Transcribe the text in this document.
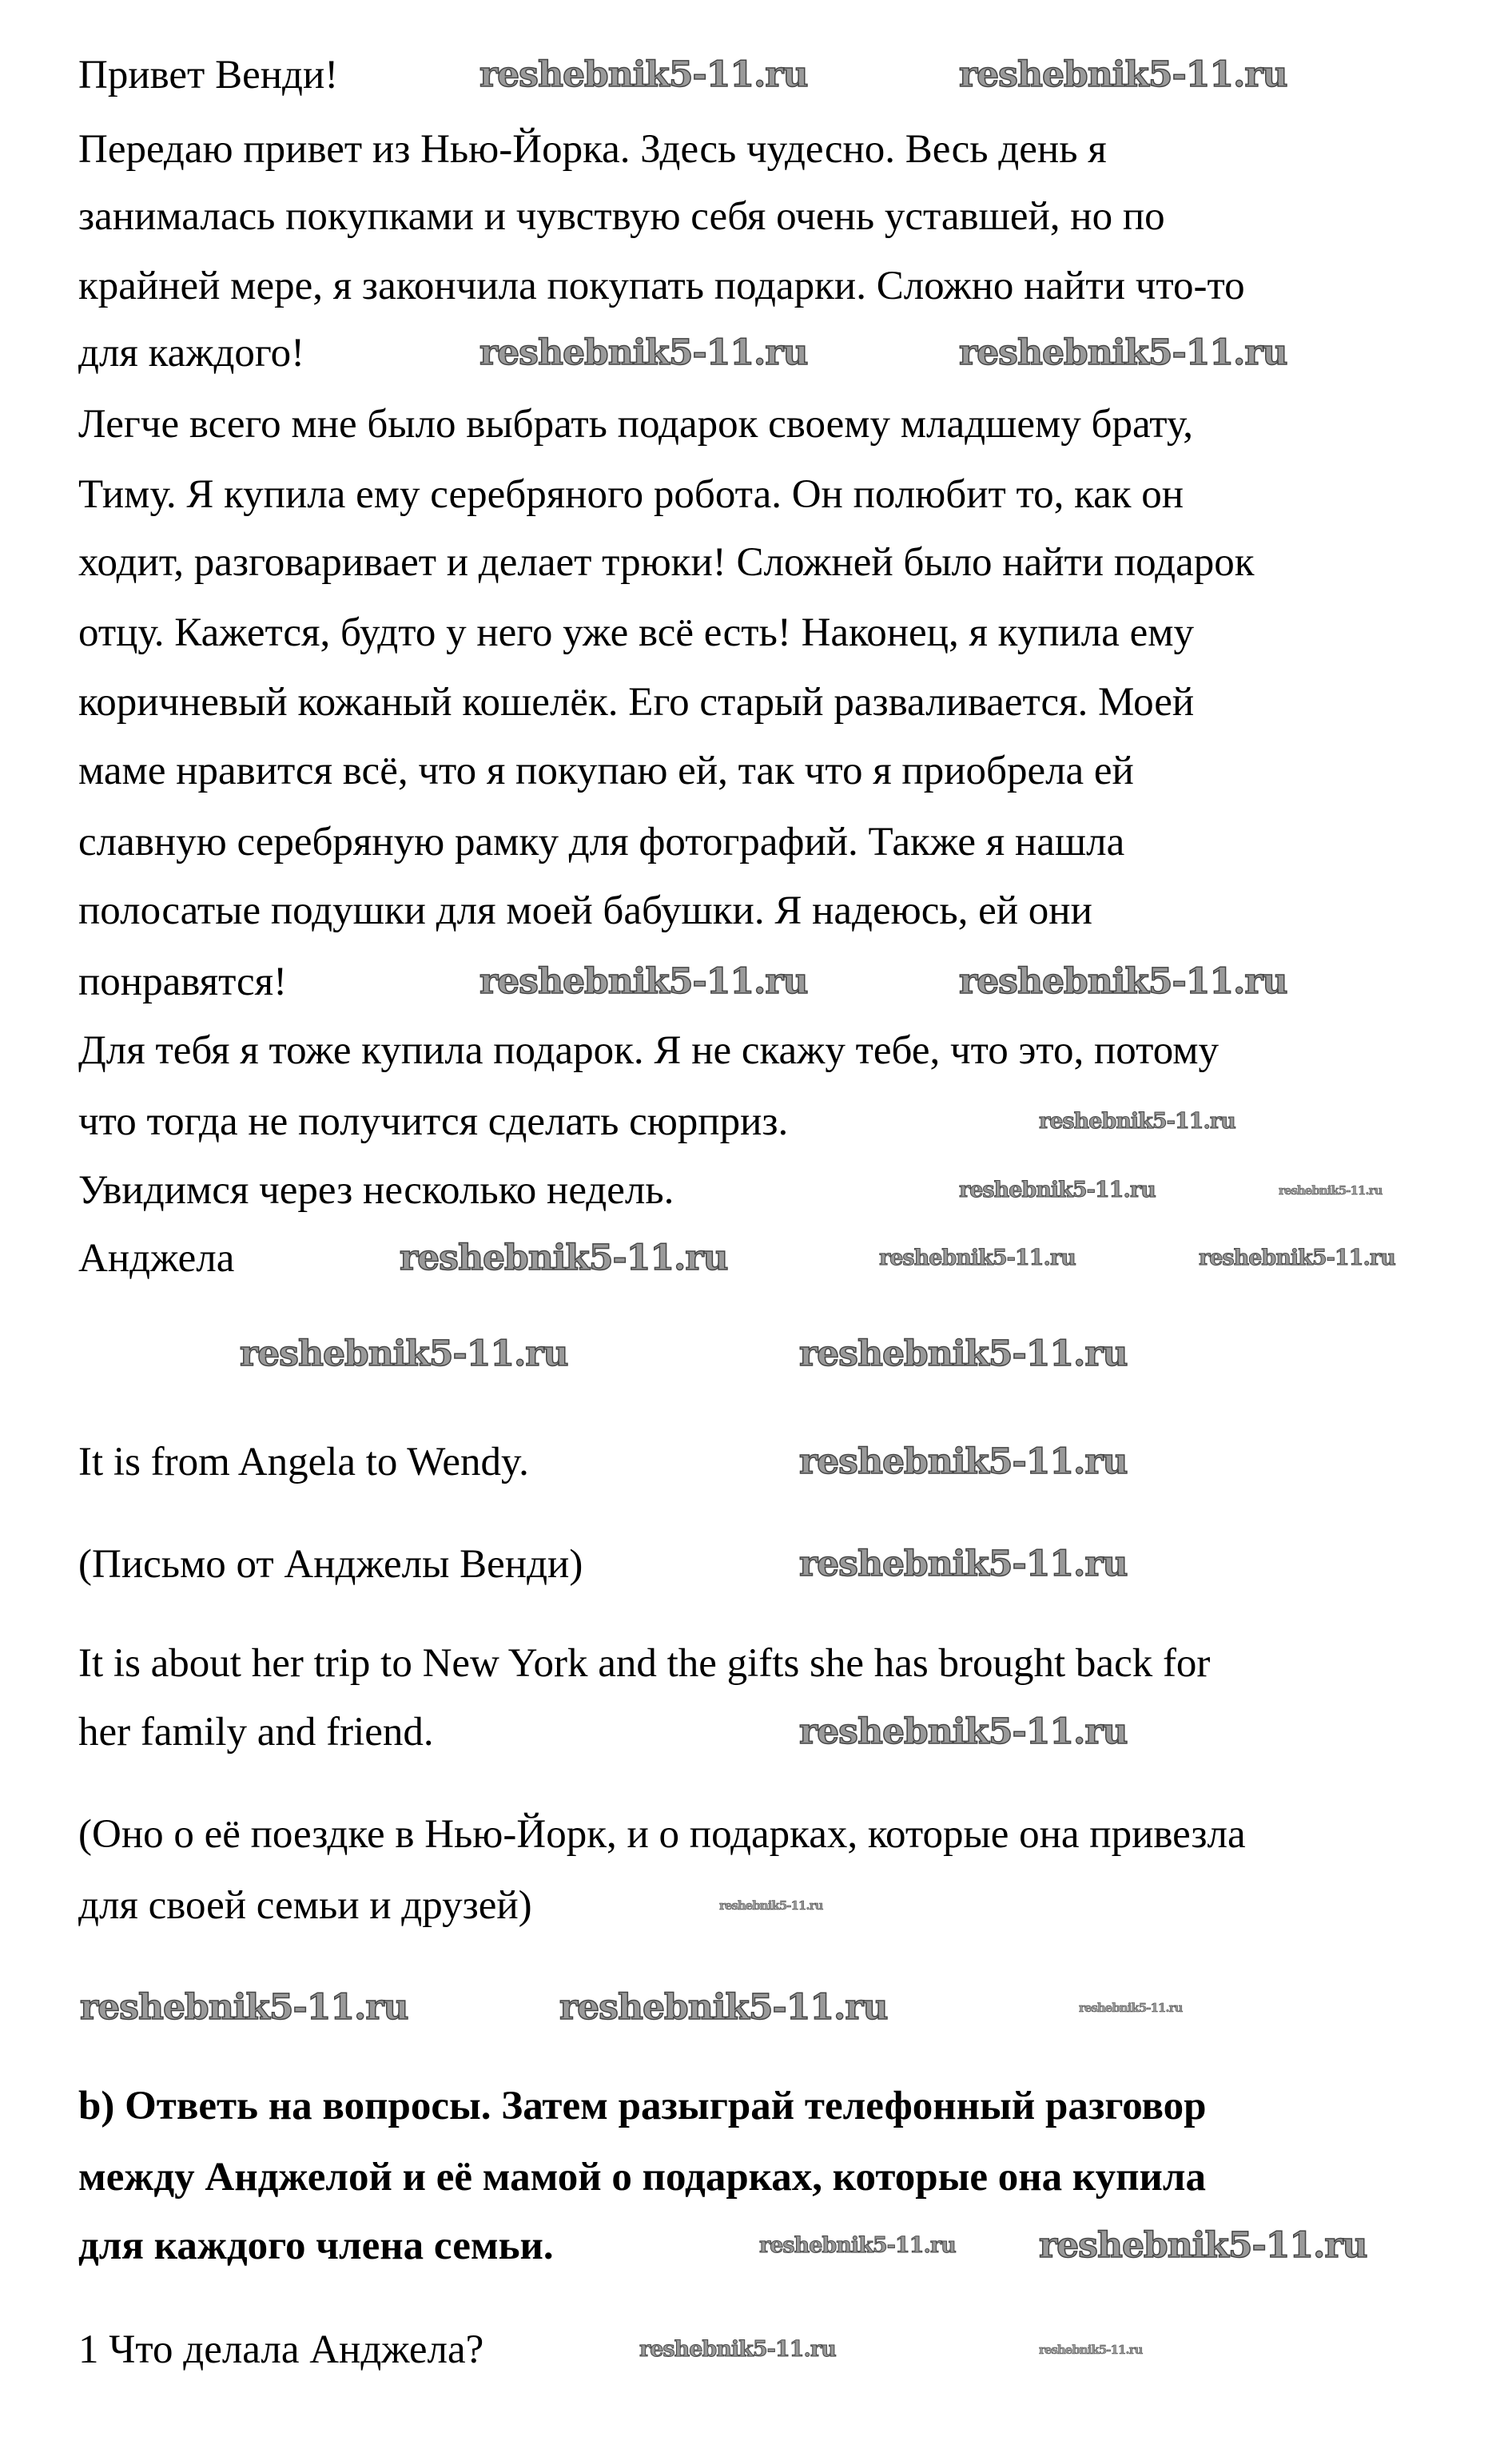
Привет Венди!
Передаю привет из Нью-Йорка. Здесь чудесно. Весь день я
занималась покупками и чувствую себя очень уставшей, но по
крайней мере, я закончила покупать подарки. Сложно найти что-то
для каждого!
Легче всего мне было выбрать подарок своему младшему брату,
Тиму. Я купила ему серебряного робота. Он полюбит то, как он
ходит, разговаривает и делает трюки! Сложней было найти подарок
отцу. Кажется, будто у него уже всё есть! Наконец, я купила ему
коричневый кожаный кошелёк. Его старый разваливается. Моей
маме нравится всё, что я покупаю ей, так что я приобрела ей
славную серебряную рамку для фотографий. Также я нашла
полосатые подушки для моей бабушки. Я надеюсь, ей они
понравятся!
Для тебя я тоже купила подарок. Я не скажу тебе, что это, потому
что тогда не получится сделать сюрприз.
Увидимся через несколько недель.
Анджела
It is from Angela to Wendy.
(Письмо от Анджелы Венди)
It is about her trip to New York and the gifts she has brought back for
her family and friend.
(Оно о её поездке в Нью-Йорк, и о подарках, которые она привезла
для своей семьи и друзей)
b) Ответь на вопросы. Затем разыграй телефонный разговор
между Анджелой и её мамой о подарках, которые она купила
для каждого члена семьи.
1 Что делала Анджела?
reshebnik5-11.ru	reshebnik5-11.ru
reshebnik5-11.ru	reshebnik5-11.ru
reshebnik5-11.ru	reshebnik5-11.ru
reshebnik5-11.ru
reshebnik5-11.ru	reshebnik5-11.ru
reshebnik5-11.ru	reshebnik5-11.ru	reshebnik5-11.ru
reshebnik5-11.ru	reshebnik5-11.ru
reshebnik5-11.ru
reshebnik5-11.ru
reshebnik5-11.ru
reshebnik5-11.ru
reshebnik5-11.ru	reshebnik5-11.ru	reshebnik5-11.ru
reshebnik5-11.ru reshebnik5-11.ru
reshebnik5-11.ru	reshebnik5-11.ru
